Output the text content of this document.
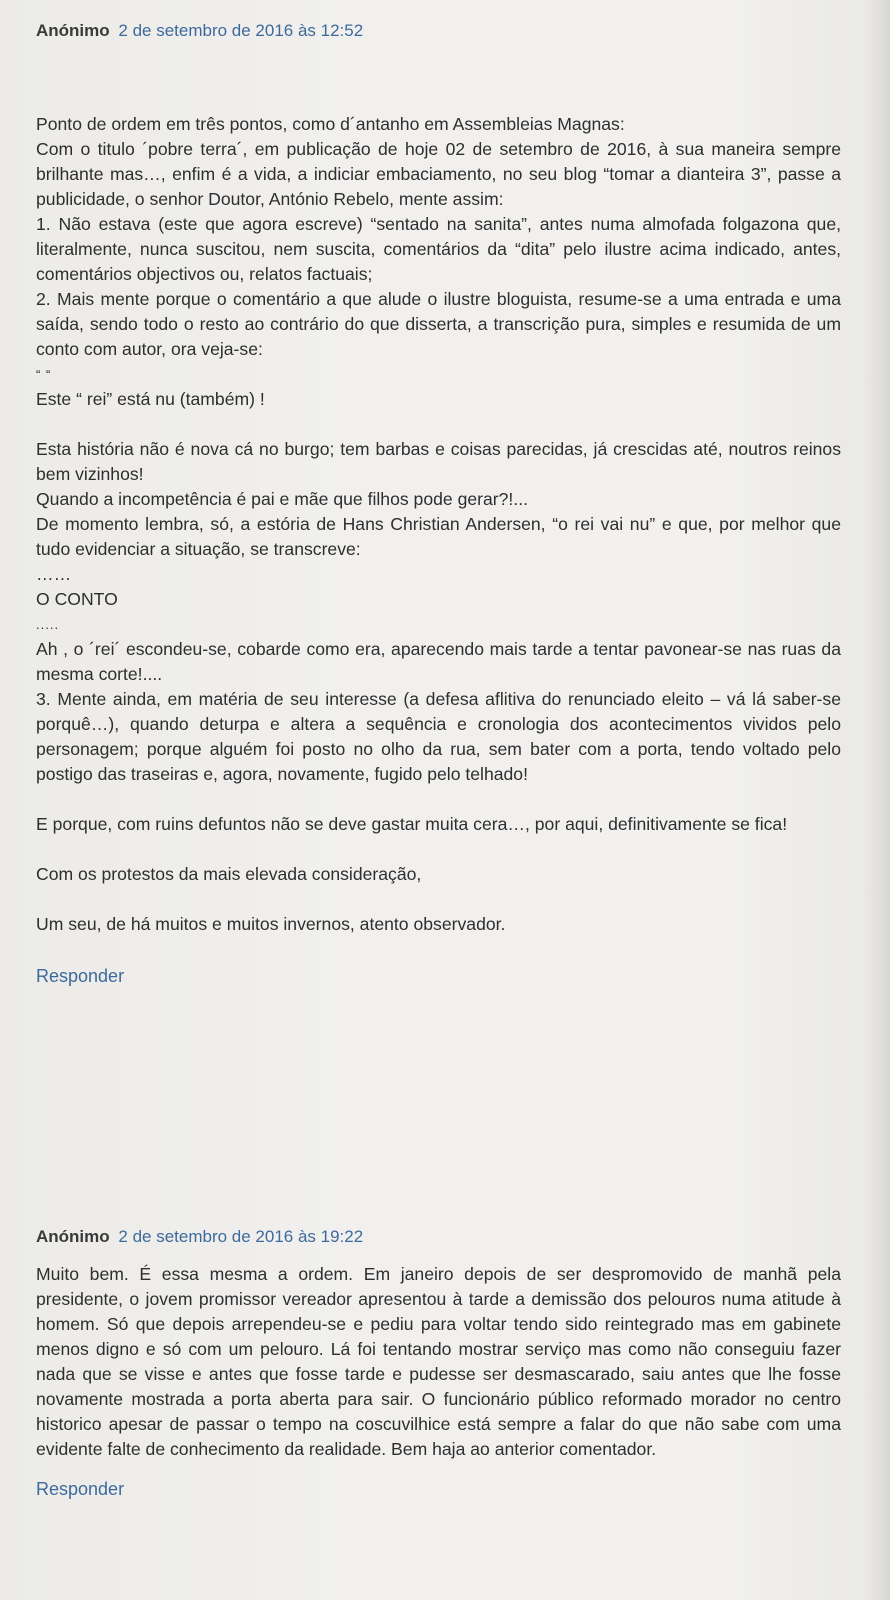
Anónimo 2 de setembro de 2016 às 12:52

Ponto de ordem em três pontos, como d´antanho em Assembleias Magnas:

Com o titulo ´pobre terra´, em publicação de hoje 02 de setembro de 2016, à sua maneira sempre brilhante mas…, enfim é a vida, a indiciar embaciamento, no seu blog “tomar a dianteira 3”, passe a publicidade, o senhor Doutor, António Rebelo, mente assim:

1. Não estava (este que agora escreve) “sentado na sanita”, antes numa almofada folgazona que, literalmente, nunca suscitou, nem suscita, comentários da “dita” pelo ilustre acima indicado, antes, comentários objectivos ou, relatos factuais;

2. Mais mente porque o comentário a que alude o ilustre bloguista, resume-se a uma entrada e uma saída, sendo todo o resto ao contrário do que disserta, a transcrição pura, simples e resumida de um conto com autor, ora veja-se:

“ “

Este “ rei” está nu (também) !

Esta história não é nova cá no burgo; tem barbas e coisas parecidas, já crescidas até, noutros reinos bem vizinhos!

Quando a incompetência é pai e mãe que filhos pode gerar?!...

De momento lembra, só, a estória de Hans Christian Andersen, “o rei vai nu” e que, por melhor que tudo evidenciar a situação, se transcreve:

……

O CONTO

.....

Ah , o ´rei´ escondeu-se, cobarde como era, aparecendo mais tarde a tentar pavonear-se nas ruas da mesma corte!....

3. Mente ainda, em matéria de seu interesse (a defesa aflitiva do renunciado eleito – vá lá saber-se porquê…), quando deturpa e altera a sequência e cronologia dos acontecimentos vividos pelo personagem; porque alguém foi posto no olho da rua, sem bater com a porta, tendo voltado pelo postigo das traseiras e, agora, novamente, fugido pelo telhado!

E porque, com ruins defuntos não se deve gastar muita cera…, por aqui, definitivamente se fica!

Com os protestos da mais elevada consideração,

Um seu, de há muitos e muitos invernos, atento observador.

Responder
Anónimo 2 de setembro de 2016 às 19:22

Muito bem. É essa mesma a ordem. Em janeiro depois de ser despromovido de manhã pela presidente, o jovem promissor vereador apresentou à tarde a demissão dos pelouros numa atitude à homem. Só que depois arrependeu-se e pediu para voltar tendo sido reintegrado mas em gabinete menos digno e só com um pelouro. Lá foi tentando mostrar serviço mas como não conseguiu fazer nada que se visse e antes que fosse tarde e pudesse ser desmascarado, saiu antes que lhe fosse novamente mostrada a porta aberta para sair. O funcionário público reformado morador no centro historico apesar de passar o tempo na coscuvilhice está sempre a falar do que não sabe com uma evidente falte de conhecimento da realidade. Bem haja ao anterior comentador.

Responder
